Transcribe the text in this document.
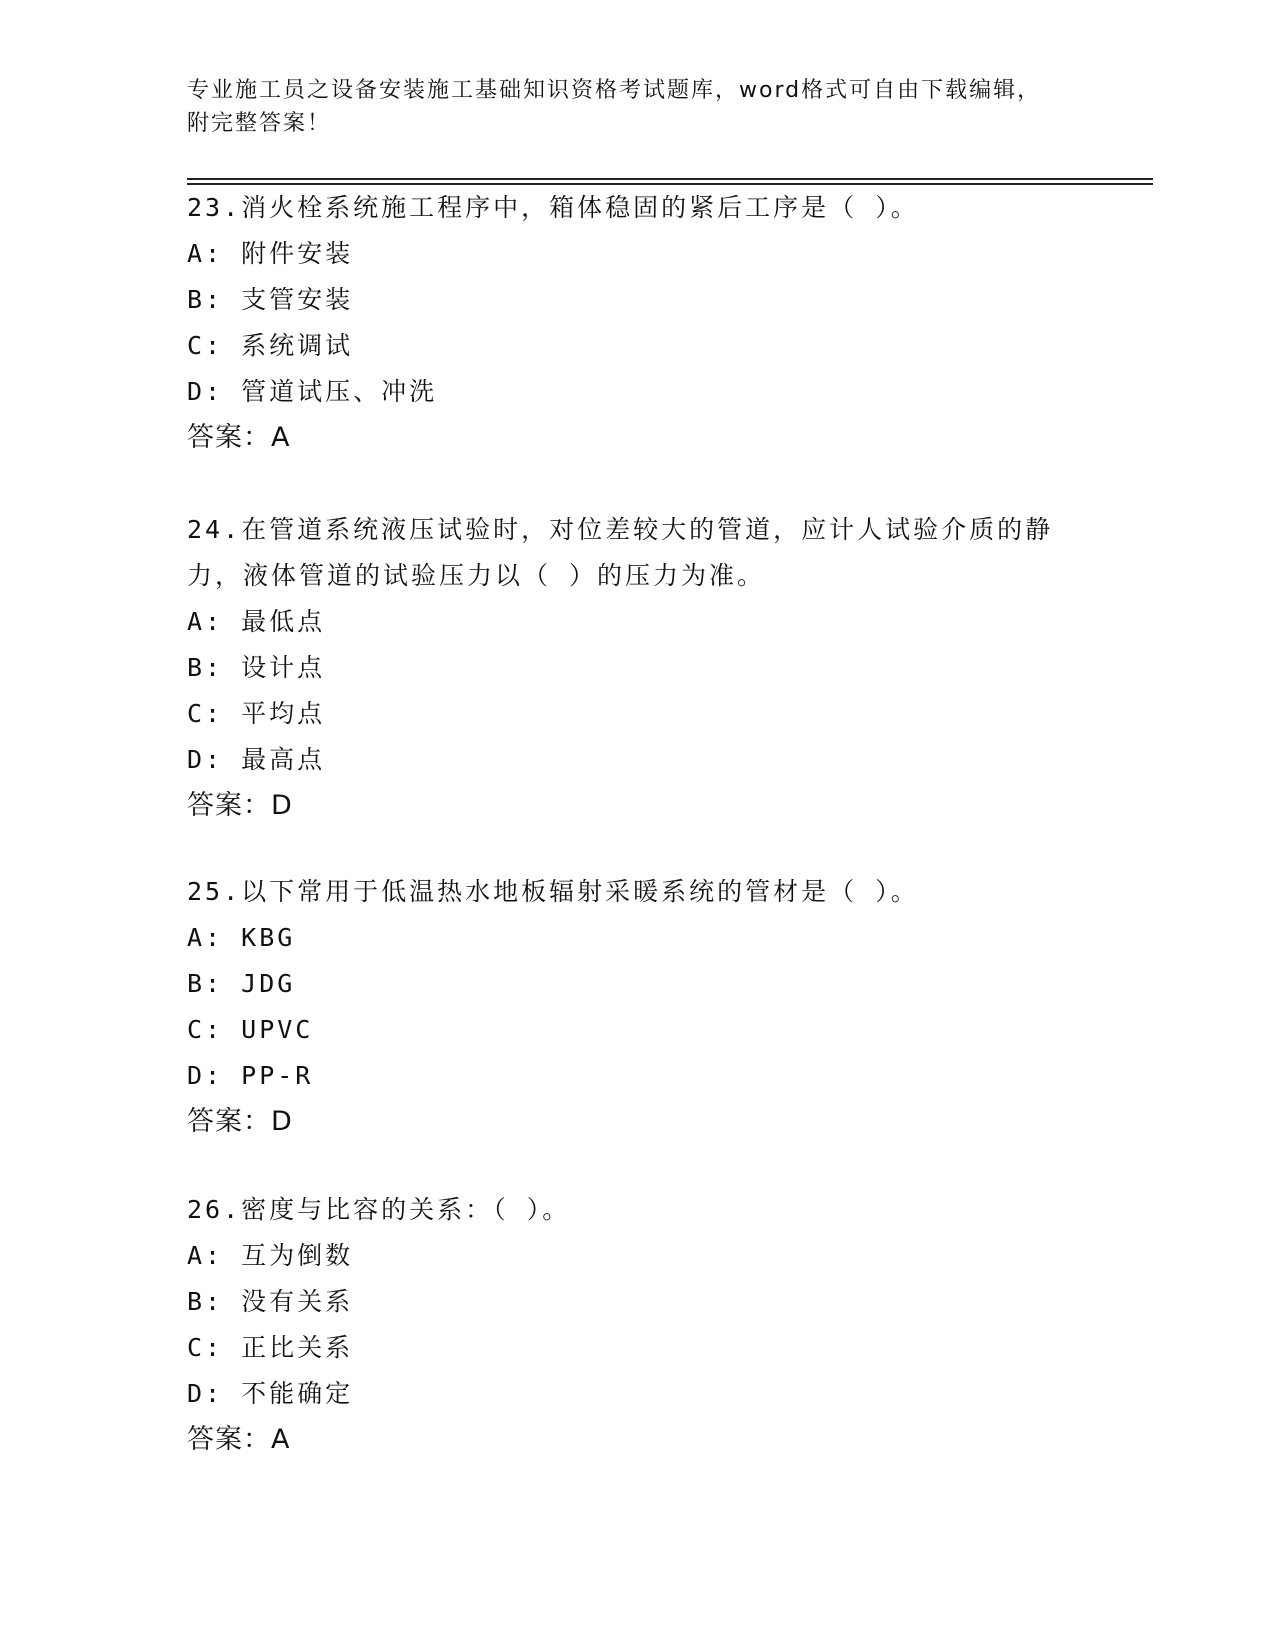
专业施工员之设备安装施工基础知识资格考试题库，word格式可自由下载编辑，
附完整答案！

23.消火栓系统施工程序中，箱体稳固的紧后工序是（ ）。

A: 附件安装

B: 支管安装

C: 系统调试

D: 管道试压、冲洗

答案：A

24.在管道系统液压试验时，对位差较大的管道，应计人试验介质的静

力，液体管道的试验压力以（ ）的压力为准。

A: 最低点

B: 设计点

C: 平均点

D: 最高点

答案：D

25.以下常用于低温热水地板辐射采暖系统的管材是（ ）。

A: KBG

B: JDG

C: UPVC

D: PP-R

答案：D

26.密度与比容的关系：（ ）。

A: 互为倒数

B: 没有关系

C: 正比关系

D: 不能确定

答案：A
